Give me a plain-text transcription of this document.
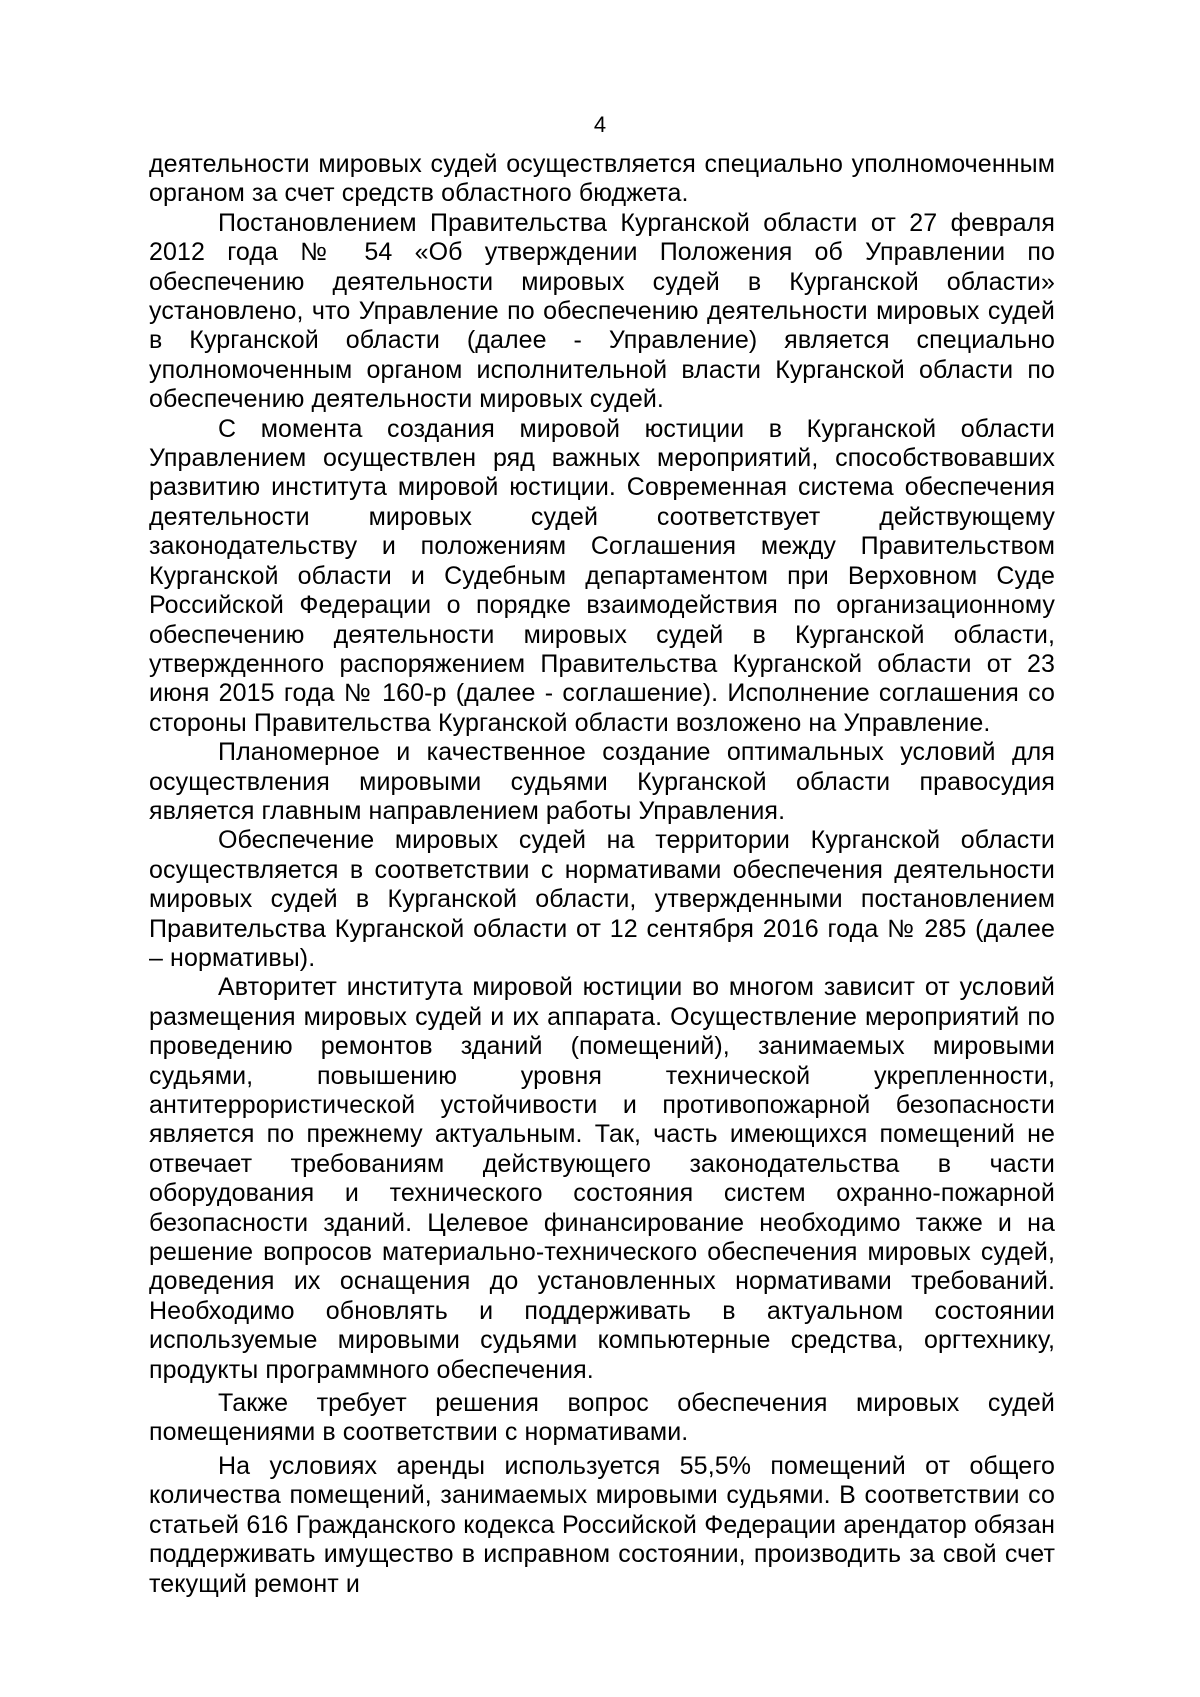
4

деятельности мировых судей осуществляется специально уполномоченным органом за счет средств областного бюджета.

Постановлением Правительства Курганской области от 27 февраля 2012 года № 54 «Об утверждении Положения об Управлении по обеспечению деятельности мировых судей в Курганской области» установлено, что Управление по обеспечению деятельности мировых судей в Курганской области (далее - Управление) является специально уполномоченным органом исполнительной власти Курганской области по обеспечению деятельности мировых судей.

С момента создания мировой юстиции в Курганской области Управлением осуществлен ряд важных мероприятий, способствовавших развитию института мировой юстиции. Современная система обеспечения деятельности мировых судей соответствует действующему законодательству и положениям Соглашения между Правительством Курганской области и Судебным департаментом при Верховном Суде Российской Федерации о порядке взаимодействия по организационному обеспечению деятельности мировых судей в Курганской области, утвержденного распоряжением Правительства Курганской области от 23 июня 2015 года № 160-р (далее - соглашение). Исполнение соглашения со стороны Правительства Курганской области возложено на Управление.

Планомерное и качественное создание оптимальных условий для осуществления мировыми судьями Курганской области правосудия является главным направлением работы Управления.

Обеспечение мировых судей на территории Курганской области осуществляется в соответствии с нормативами обеспечения деятельности мировых судей в Курганской области, утвержденными постановлением Правительства Курганской области от 12 сентября 2016 года № 285 (далее – нормативы).

Авторитет института мировой юстиции во многом зависит от условий размещения мировых судей и их аппарата. Осуществление мероприятий по проведению ремонтов зданий (помещений), занимаемых мировыми судьями, повышению уровня технической укрепленности, антитеррористической устойчивости и противопожарной безопасности является по прежнему актуальным. Так, часть имеющихся помещений не отвечает требованиям действующего законодательства в части оборудования и технического состояния систем охранно-пожарной безопасности зданий. Целевое финансирование необходимо также и на решение вопросов материально-технического обеспечения мировых судей, доведения их оснащения до установленных нормативами требований. Необходимо обновлять и поддерживать в актуальном состоянии используемые мировыми судьями компьютерные средства, оргтехнику, продукты программного обеспечения.

Также требует решения вопрос обеспечения мировых судей помещениями в соответствии с нормативами.

На условиях аренды используется 55,5% помещений от общего количества помещений, занимаемых мировыми судьями. В соответствии со статьей 616 Гражданского кодекса Российской Федерации арендатор обязан поддерживать имущество в исправном состоянии, производить за свой счет текущий ремонт и
